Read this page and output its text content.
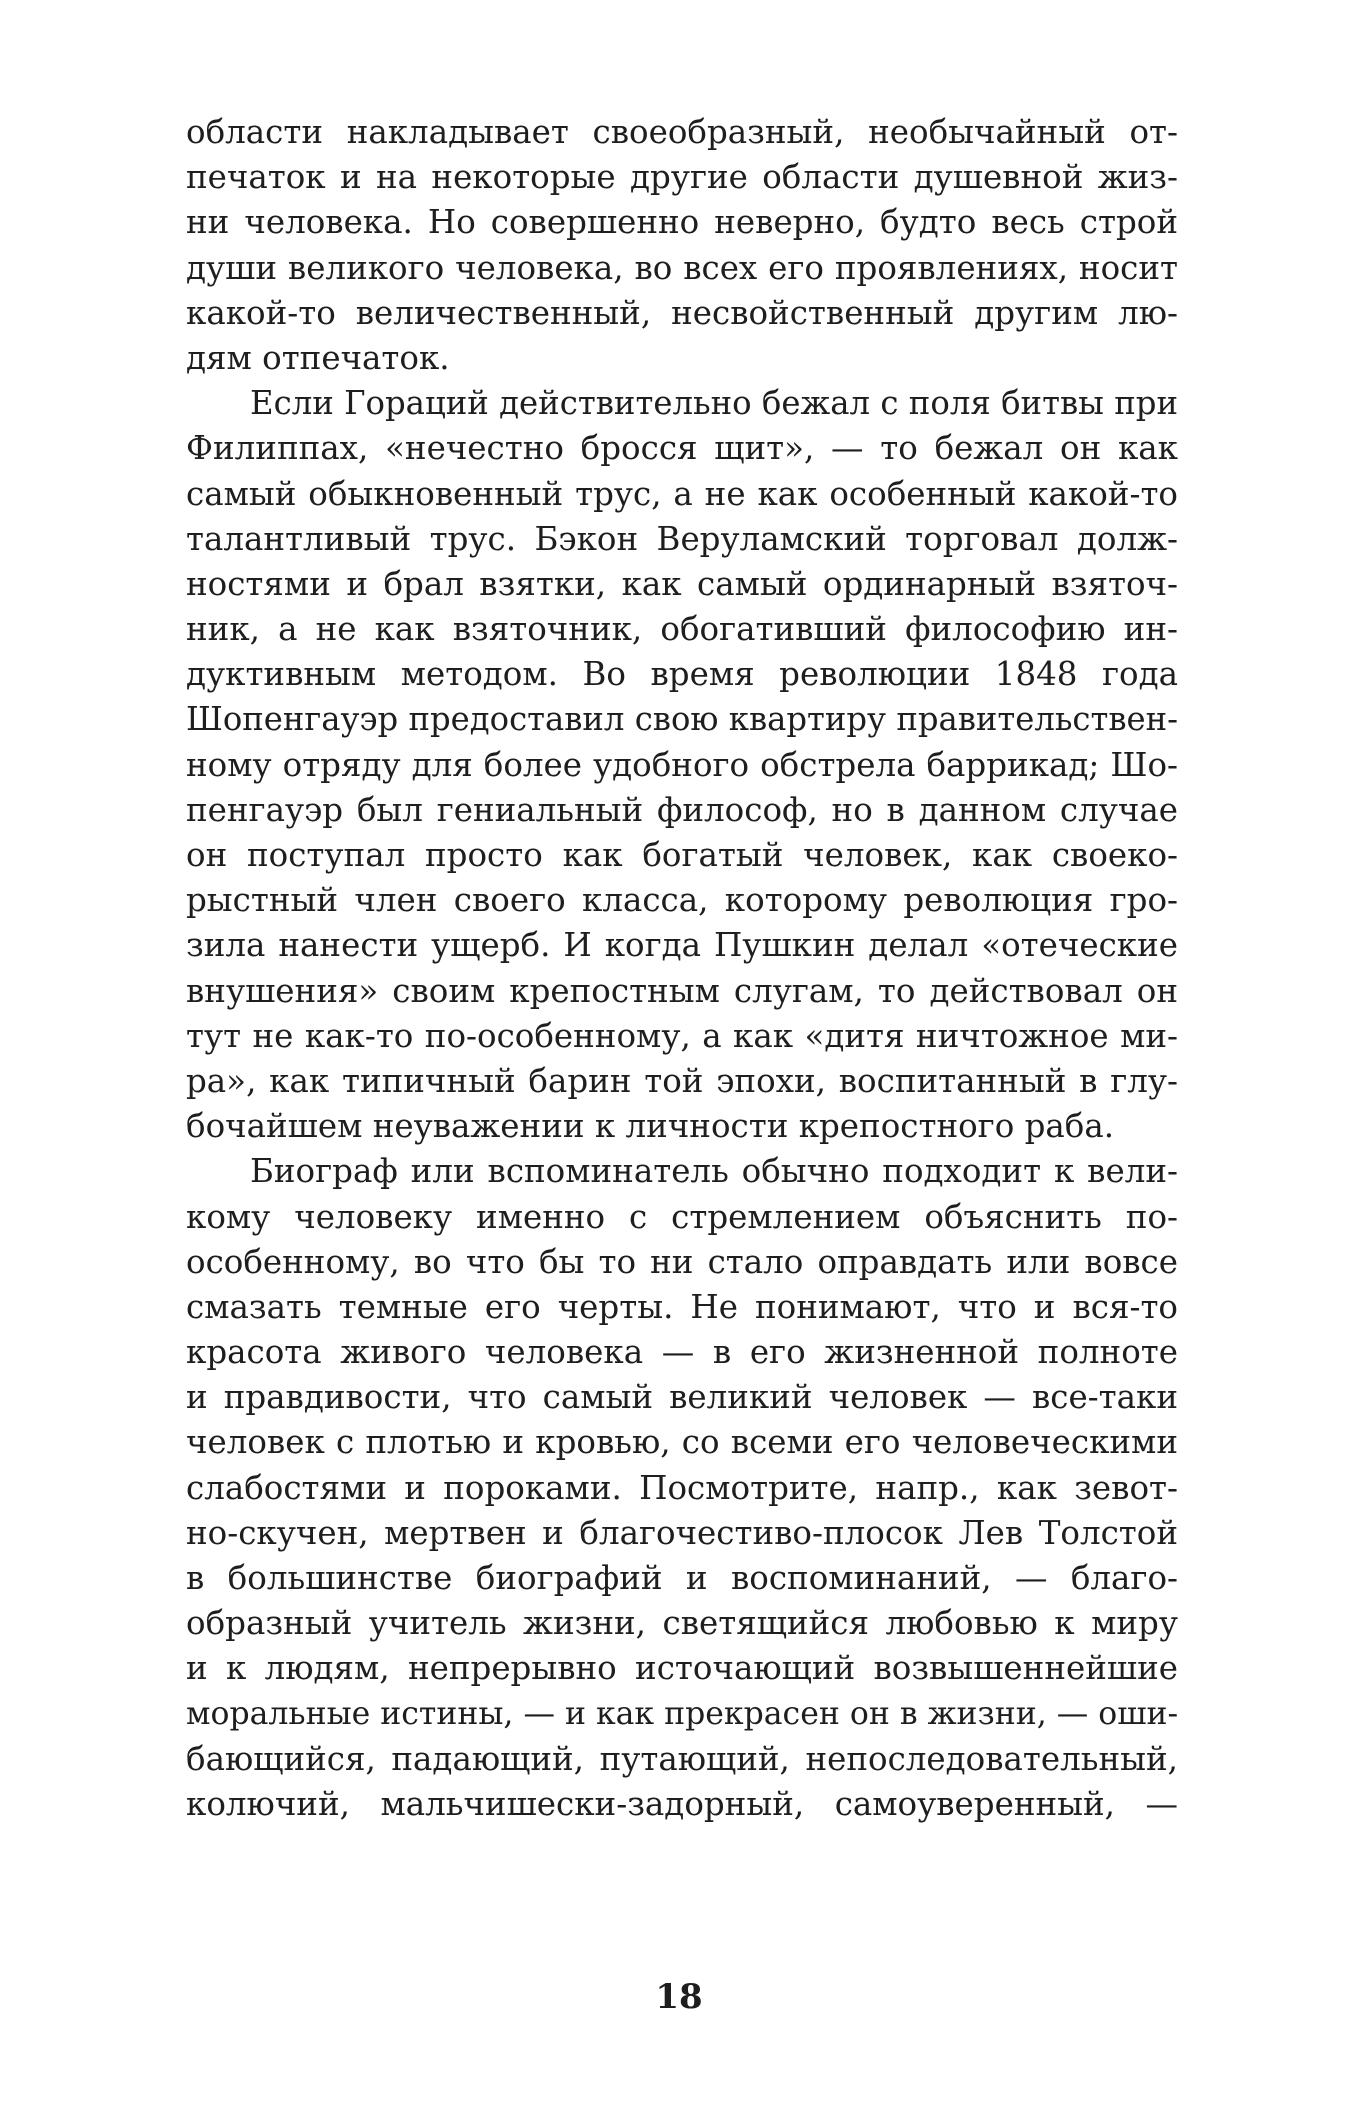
области накладывает своеобразный, необычайный от-
печаток и на некоторые другие области душевной жиз-
ни человека. Но совершенно неверно, будто весь строй
души великого человека, во всех его проявлениях, носит
какой-то величественный, несвойственный другим лю-
дям отпечаток.
Если Гораций действительно бежал с поля битвы при
Филиппах, «нечестно бросся щит», — то бежал он как
самый обыкновенный трус, а не как особенный какой-то
талантливый трус. Бэкон Веруламский торговал долж-
ностями и брал взятки, как самый ординарный взяточ-
ник, а не как взяточник, обогативший философию ин-
дуктивным методом. Во время революции 1848 года
Шопенгауэр предоставил свою квартиру правительствен-
ному отряду для более удобного обстрела баррикад; Шо-
пенгауэр был гениальный философ, но в данном случае
он поступал просто как богатый человек, как своеко-
рыстный член своего класса, которому революция гро-
зила нанести ущерб. И когда Пушкин делал «отеческие
внушения» своим крепостным слугам, то действовал он
тут не как-то по-особенному, а как «дитя ничтожное ми-
ра», как типичный барин той эпохи, воспитанный в глу-
бочайшем неуважении к личности крепостного раба.
Биограф или вспоминатель обычно подходит к вели-
кому человеку именно с стремлением объяснить по-
особенному, во что бы то ни стало оправдать или вовсе
смазать темные его черты. Не понимают, что и вся-то
красота живого человека — в его жизненной полноте
и правдивости, что самый великий человек — все-таки
человек с плотью и кровью, со всеми его человеческими
слабостями и пороками. Посмотрите, напр., как зевот-
но-скучен, мертвен и благочестиво-плосок Лев Толстой
в большинстве биографий и воспоминаний, — благо-
образный учитель жизни, светящийся любовью к миру
и к людям, непрерывно источающий возвышеннейшие
моральные истины, — и как прекрасен он в жизни, — оши-
бающийся, падающий, путающий, непоследовательный,
колючий, мальчишески-задорный, самоуверенный, —
18
